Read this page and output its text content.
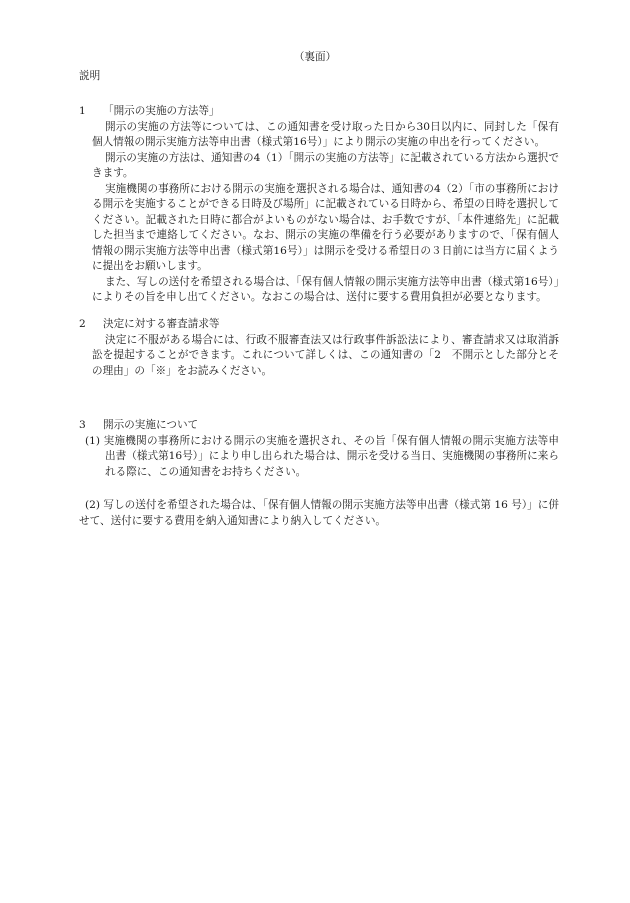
（裏面）
説明
1 「開示の実施の方法等」

開示の実施の方法等については、この通知書を受け取った日から30日以内に、同封した「保有個人情報の開示実施方法等申出書（様式第16号）」により開示の実施の申出を行ってください。

開示の実施の方法は、通知書の4（1）「開示の実施の方法等」に記載されている方法から選択できます。

実施機関の事務所における開示の実施を選択される場合は、通知書の4（2）「市の事務所における開示を実施することができる日時及び場所」に記載されている日時から、希望の日時を選択してください。記載された日時に都合がよいものがない場合は、お手数ですが、「本件連絡先」に記載した担当まで連絡してください。なお、開示の実施の準備を行う必要がありますので、「保有個人情報の開示実施方法等申出書（様式第16号）」は開示を受ける希望日の３日前には当方に届くように提出をお願いします。

また、写しの送付を希望される場合は、「保有個人情報の開示実施方法等申出書（様式第16号）」によりその旨を申し出てください。なおこの場合は、送付に要する費用負担が必要となります。

2 決定に対する審査請求等

決定に不服がある場合には、行政不服審査法又は行政事件訴訟法により、審査請求又は取消訴訟を提起することができます。これについて詳しくは、この通知書の「2　不開示とした部分とその理由」の「※」をお読みください。

3 開示の実施について

(1) 実施機関の事務所における開示の実施を選択され、その旨「保有個人情報の開示実施方法等申出書（様式第16号）」により申し出られた場合は、開示を受ける当日、実施機関の事務所に来られる際に、この通知書をお持ちください。

(2) 写しの送付を希望された場合は、「保有個人情報の開示実施方法等申出書（様式第 16 号）」に併せて、送付に要する費用を納入通知書により納入してください。
